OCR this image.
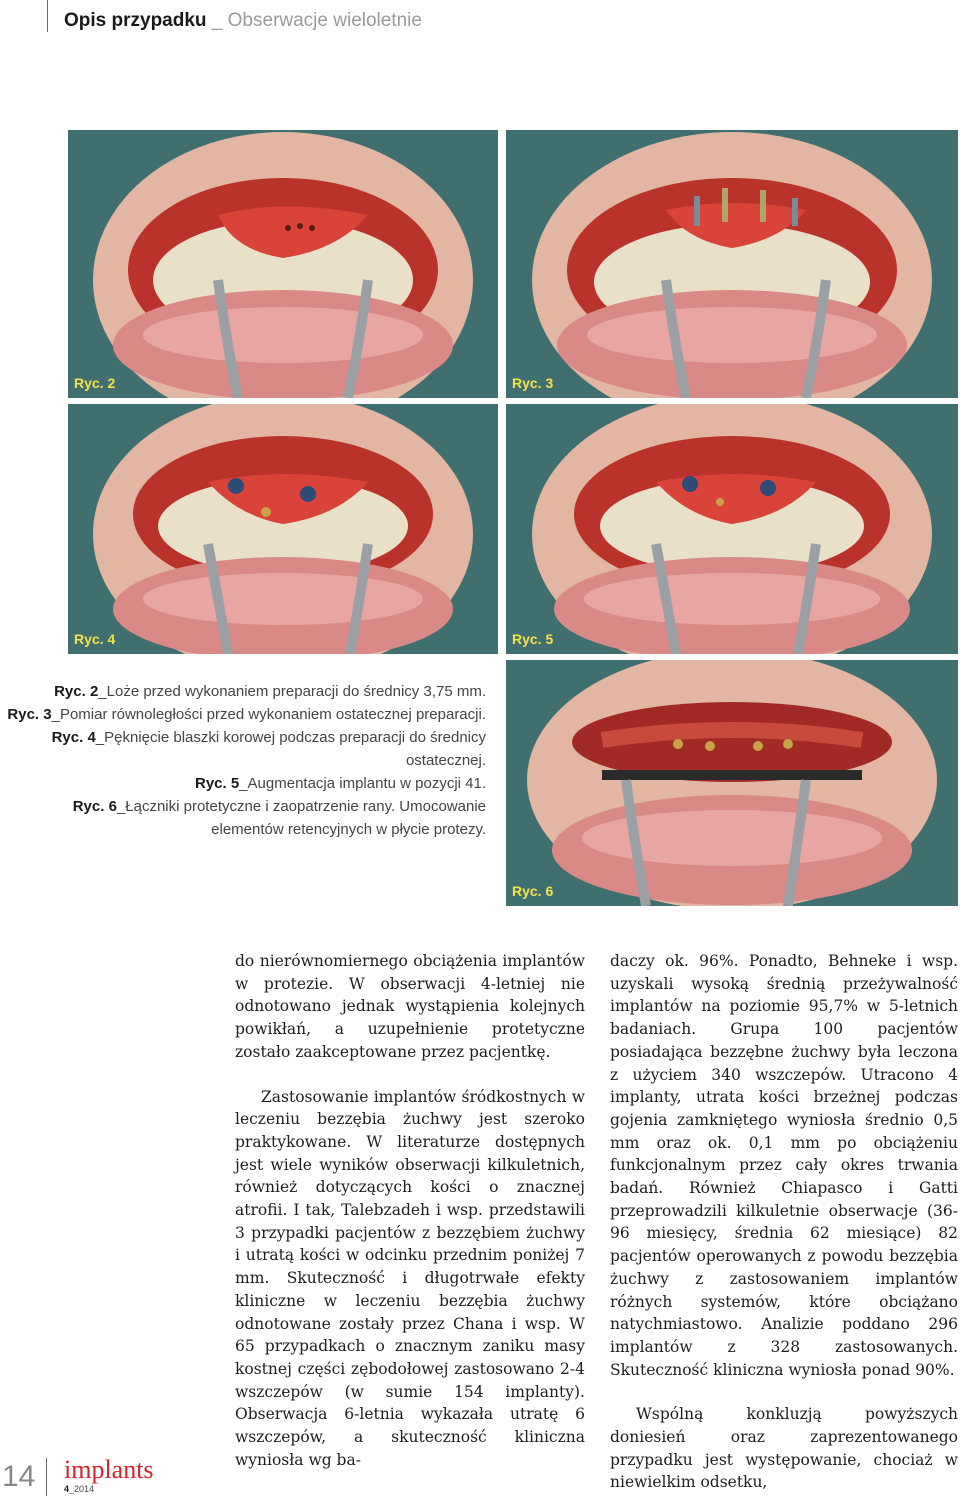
Opis przypadku _ Obserwacje wieloletnie
Ryc. 2	Ryc. 3
Ryc. 4	Ryc. 5
Ryc. 6
Ryc. 2_Loże przed wykonaniem preparacji do średnicy 3,75 mm.
Ryc. 3_Pomiar równoległości przed wykonaniem ostatecznej preparacji.
Ryc. 4_Pęknięcie blaszki korowej podczas preparacji do średnicy ostatecznej.
Ryc. 5_Augmentacja implantu w pozycji 41.
Ryc. 6_Łączniki protetyczne i zaopatrzenie rany. Umocowanie elementów retencyjnych w płycie protezy.

do nierównomiernego obciążenia implantów w protezie. W obserwacji 4-letniej nie odnotowano jednak wystąpienia kolejnych powikłań, a uzupełnienie protetyczne zostało zaakceptowane przez pacjentkę.

Zastosowanie implantów śródkostnych w leczeniu bezzębia żuchwy jest szeroko praktykowane. W literaturze dostępnych jest wiele wyników obserwacji kilkuletnich, również dotyczących kości o znacznej atrofii. I tak, Talebzadeh i wsp. przedstawili 3 przypadki pacjentów z bezzębiem żuchwy i utratą kości w odcinku przednim poniżej 7 mm. Skuteczność i długotrwałe efekty kliniczne w leczeniu bezzębia żuchwy odnotowane zostały przez Chana i wsp. W 65 przypadkach o znacznym zaniku masy kostnej części zębodołowej zastosowano 2-4 wszczepów (w sumie 154 implanty). Obserwacja 6-letnia wykazała utratę 6 wszczepów, a skuteczność kliniczna wyniosła wg ba-

daczy ok. 96%. Ponadto, Behneke i wsp. uzyskali wysoką średnią przeżywalność implantów na poziomie 95,7% w 5-letnich badaniach. Grupa 100 pacjentów posiadająca bezzębne żuchwy była leczona z użyciem 340 wszczepów. Utracono 4 implanty, utrata kości brzeżnej podczas gojenia zamkniętego wyniosła średnio 0,5 mm oraz ok. 0,1 mm po obciążeniu funkcjonalnym przez cały okres trwania badań. Również Chiapasco i Gatti przeprowadzili kilkuletnie obserwacje (36-96 miesięcy, średnia 62 miesiące) 82 pacjentów operowanych z powodu bezzębia żuchwy z zastosowaniem implantów różnych systemów, które obciążano natychmiastowo. Analizie poddano 296 implantów z 328 zastosowanych. Skuteczność kliniczna wyniosła ponad 90%.

Wspólną konkluzją powyższych doniesień oraz zaprezentowanego przypadku jest występowanie, chociaż w niewielkim odsetku,

14 implants
4_2014
